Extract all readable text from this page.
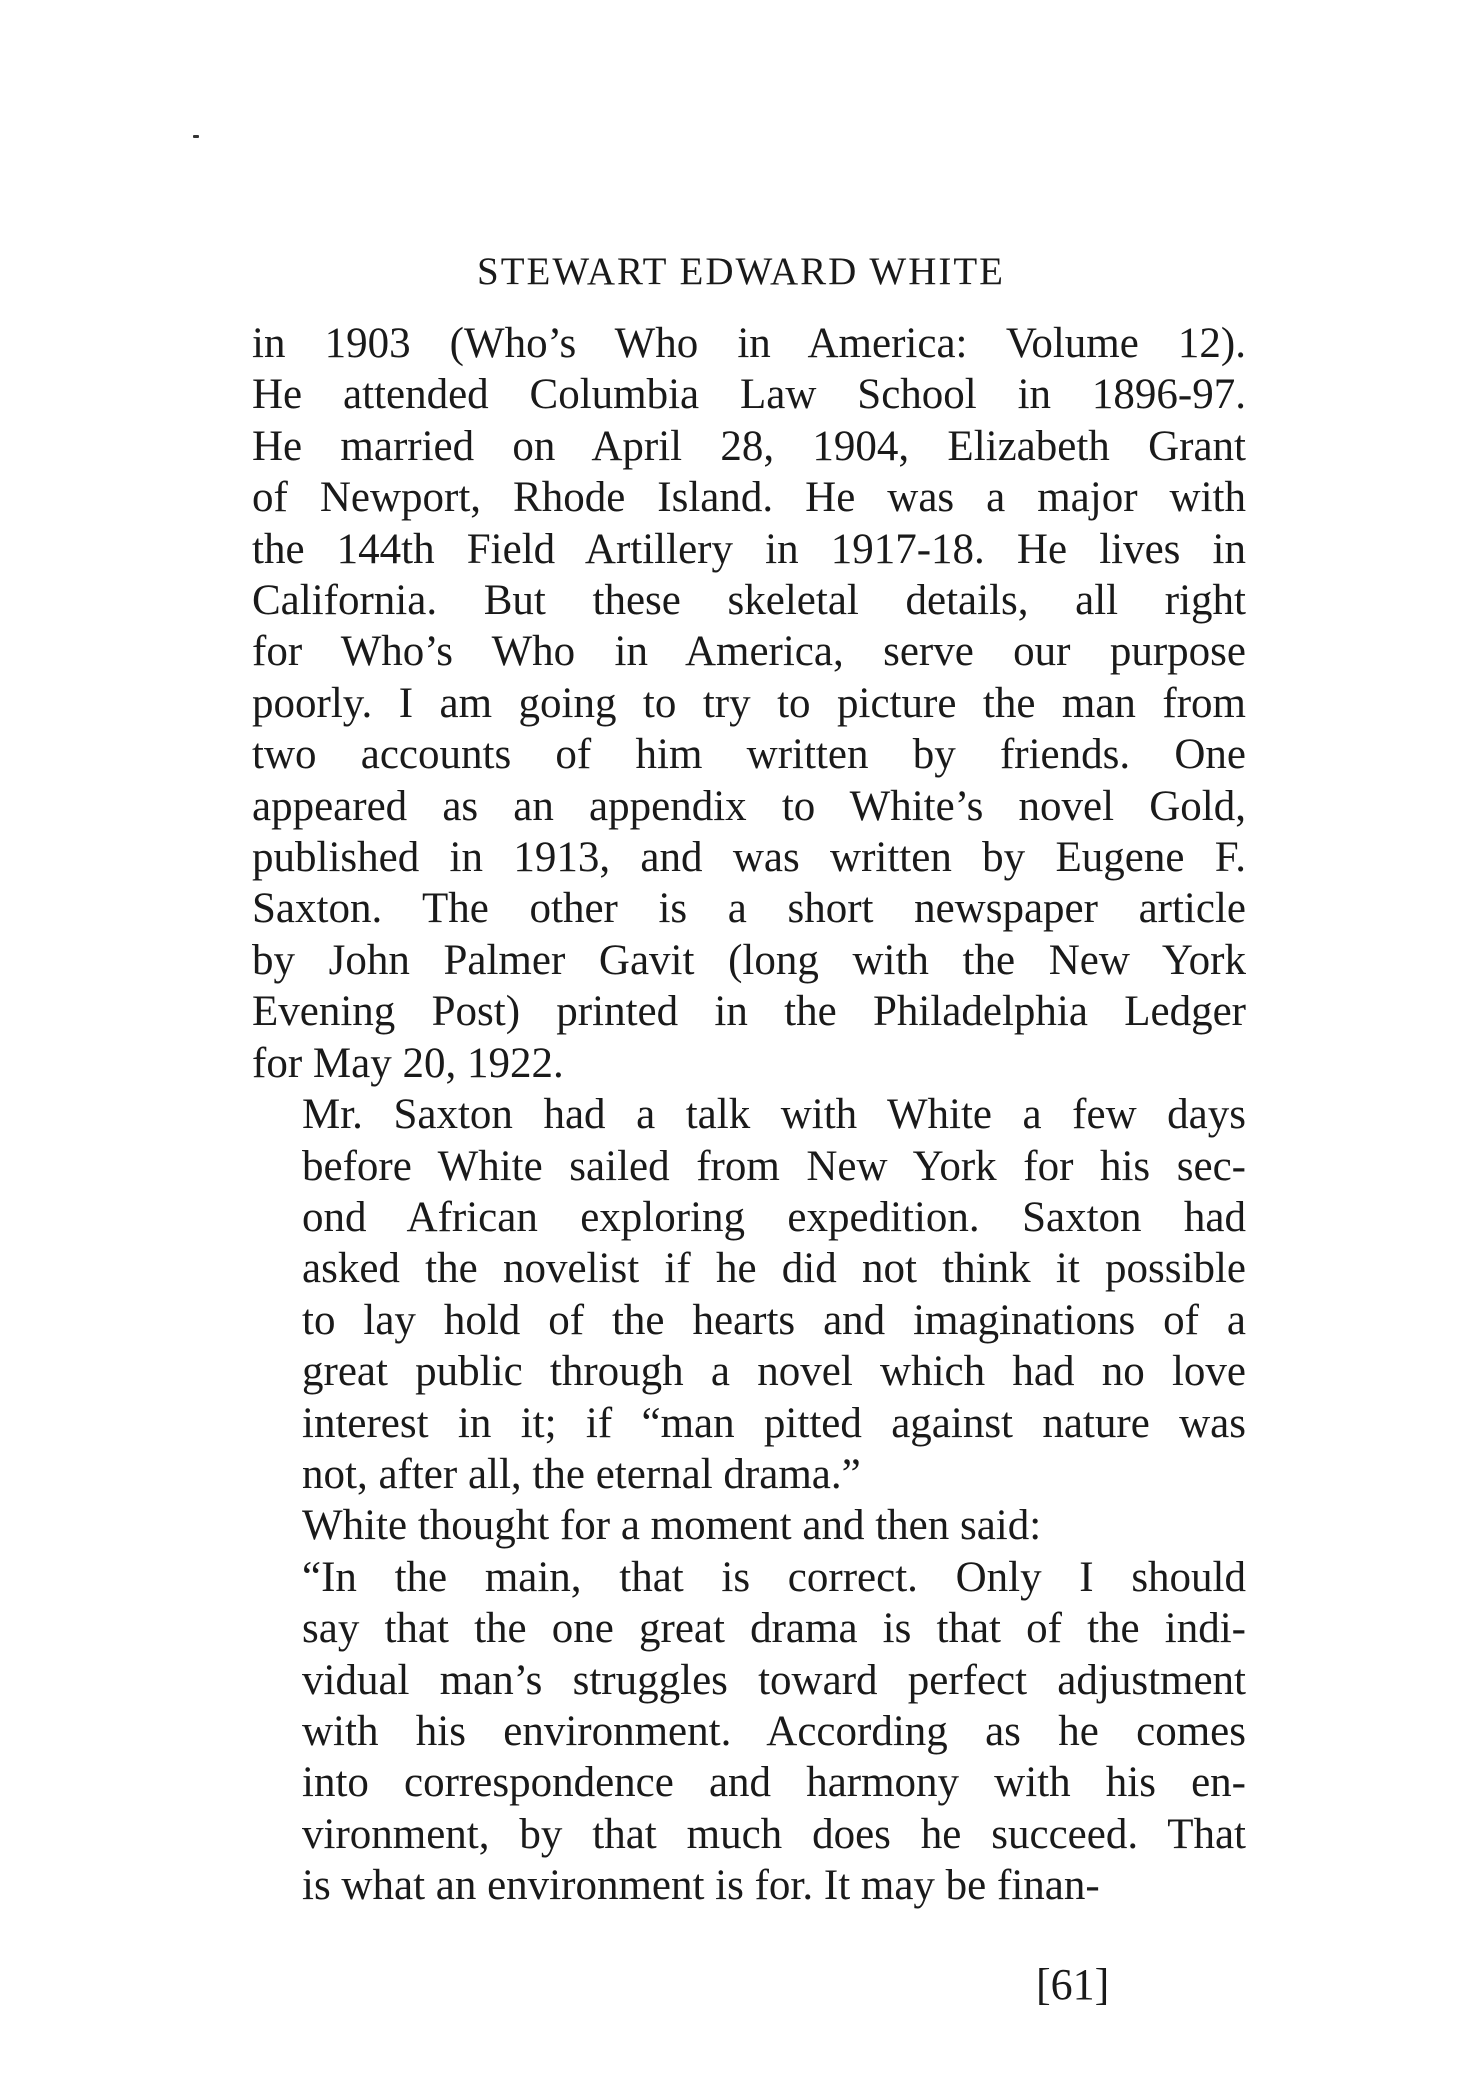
STEWART EDWARD WHITE

in 1903 (Who’s Who in America: Volume 12).
He attended Columbia Law School in 1896-97.
He married on April 28, 1904, Elizabeth Grant
of Newport, Rhode Island. He was a major with
the 144th Field Artillery in 1917-18. He lives in
California. But these skeletal details, all right
for Who’s Who in America, serve our purpose
poorly. I am going to try to picture the man from
two accounts of him written by friends. One
appeared as an appendix to White’s novel Gold,
published in 1913, and was written by Eugene F.
Saxton. The other is a short newspaper article
by John Palmer Gavit (long with the New York
Evening Post) printed in the Philadelphia Ledger
for May 20, 1922.

Mr. Saxton had a talk with White a few days
before White sailed from New York for his sec-
ond African exploring expedition. Saxton had
asked the novelist if he did not think it possible
to lay hold of the hearts and imaginations of a
great public through a novel which had no love
interest in it; if “man pitted against nature was
not, after all, the eternal drama.”

White thought for a moment and then said:

“In the main, that is correct. Only I should
say that the one great drama is that of the indi-
vidual man’s struggles toward perfect adjustment
with his environment. According as he comes
into correspondence and harmony with his en-
vironment, by that much does he succeed. That
is what an environment is for. It may be finan-

[61]
